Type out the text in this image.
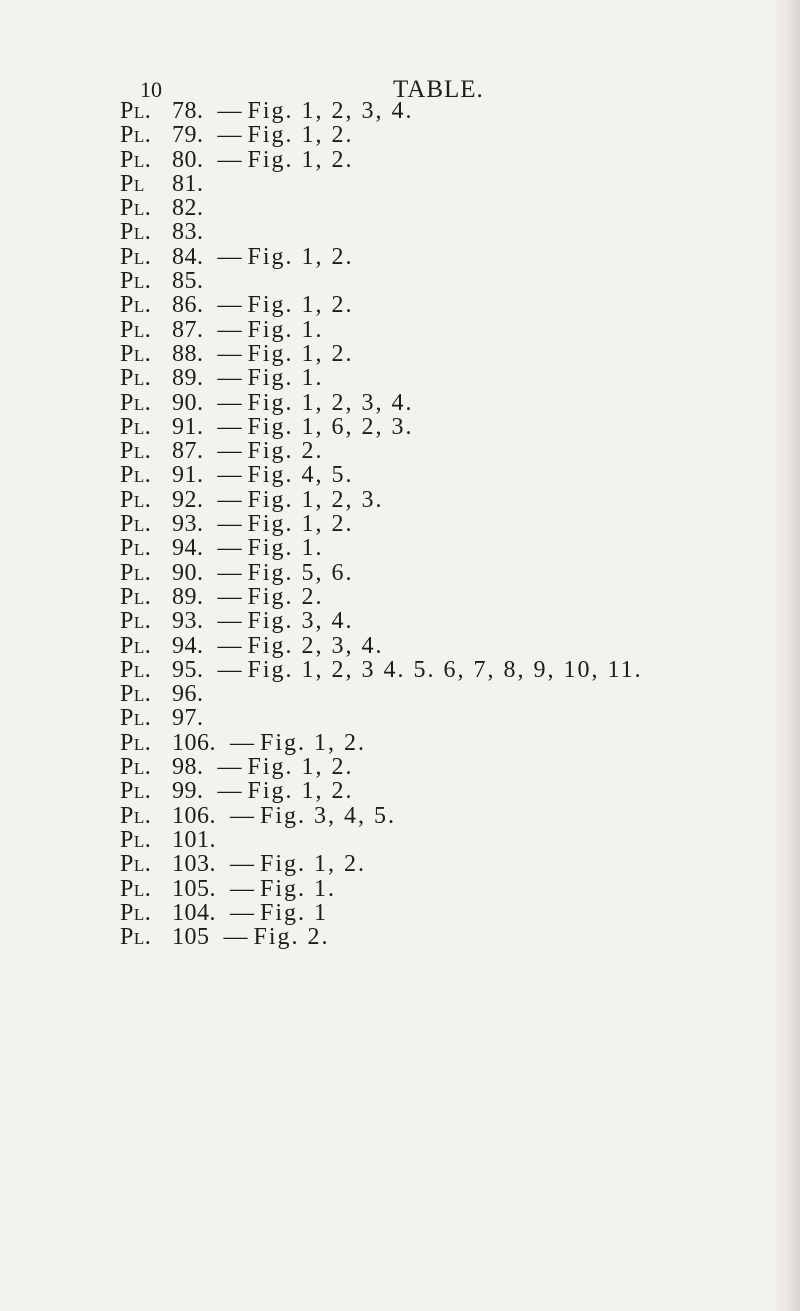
10	TABLE.
Pl. 78. — Fig. 1, 2, 3, 4.
Pl. 79. — Fig. 1, 2.
Pl. 80. — Fig. 1, 2.
Pl 81.
Pl. 82.
Pl. 83.
Pl. 84. — Fig. 1, 2.
Pl. 85.
Pl. 86. — Fig. 1, 2.
Pl. 87. — Fig. 1.
Pl. 88. — Fig. 1, 2.
Pl. 89. — Fig. 1.
Pl. 90. — Fig. 1, 2, 3, 4.
Pl. 91. — Fig. 1, 6, 2, 3.
Pl. 87. — Fig. 2.
Pl. 91. — Fig. 4, 5.
Pl. 92. — Fig. 1, 2, 3.
Pl. 93. — Fig. 1, 2.
Pl. 94. — Fig. 1.
Pl. 90. — Fig. 5, 6.
Pl. 89. — Fig. 2.
Pl. 93. — Fig. 3, 4.
Pl. 94. — Fig. 2, 3, 4.
Pl. 95. — Fig. 1, 2, 3 4. 5. 6, 7, 8, 9, 10, 11.
Pl. 96.
Pl. 97.
Pl. 106. — Fig. 1, 2.
Pl. 98. — Fig. 1, 2.
Pl. 99. — Fig. 1, 2.
Pl. 106. — Fig. 3, 4, 5.
Pl. 101.
Pl. 103. — Fig. 1, 2.
Pl. 105. — Fig. 1.
Pl. 104. — Fig. 1
Pl. 105 — Fig. 2.
